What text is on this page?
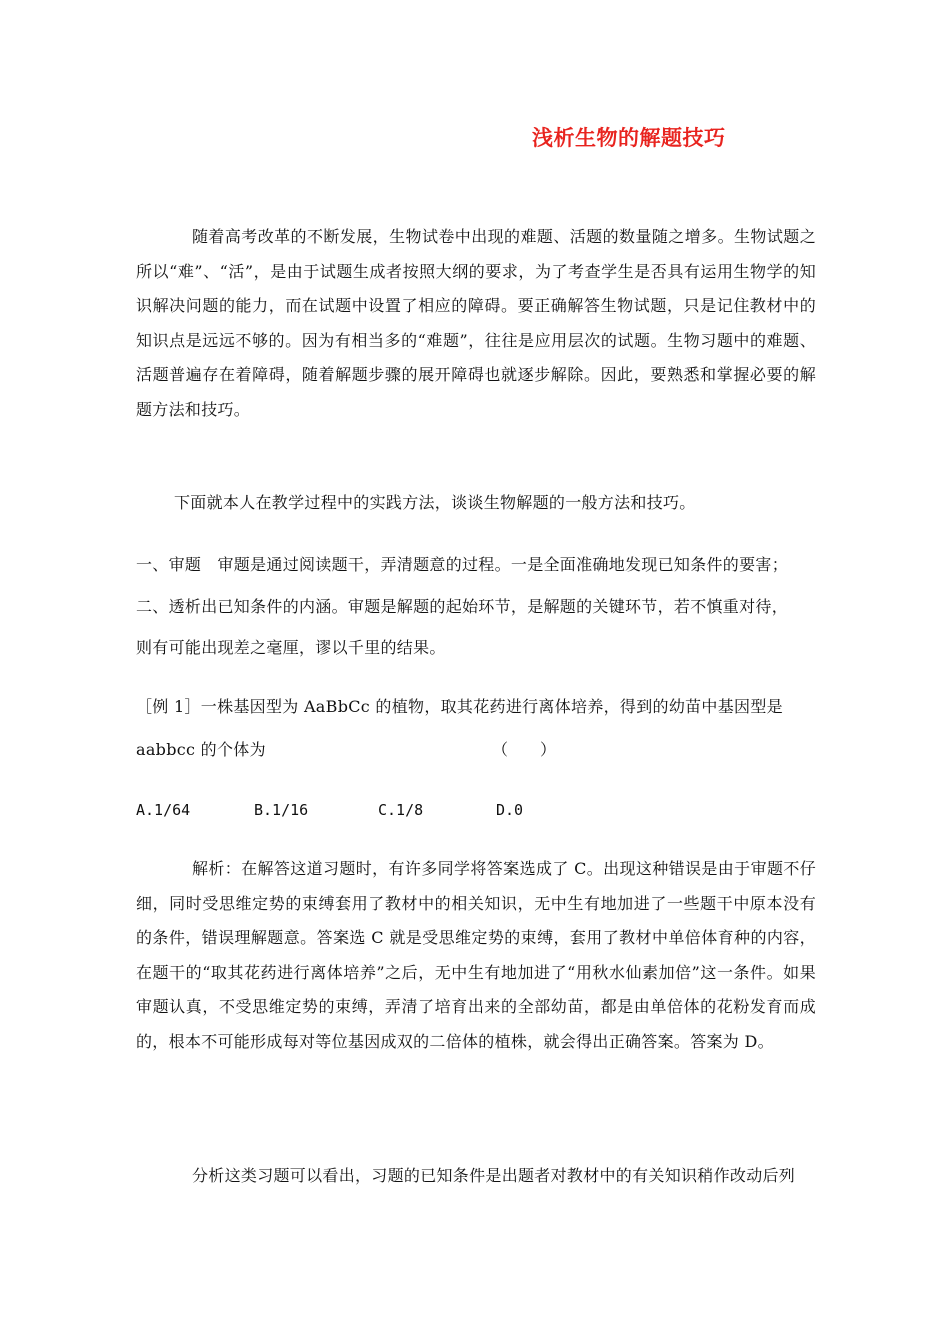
浅析生物的解题技巧

随着高考改革的不断发展，生物试卷中出现的难题、活题的数量随之增多。生物试题之所以“难”、“活”，是由于试题生成者按照大纲的要求，为了考查学生是否具有运用生物学的知识解决问题的能力，而在试题中设置了相应的障碍。要正确解答生物试题，只是记住教材中的知识点是远远不够的。因为有相当多的“难题”，往往是应用层次的试题。生物习题中的难题、活题普遍存在着障碍，随着解题步骤的展开障碍也就逐步解除。因此，要熟悉和掌握必要的解题方法和技巧。

下面就本人在教学过程中的实践方法，谈谈生物解题的一般方法和技巧。

一、审题　审题是通过阅读题干，弄清题意的过程。一是全面准确地发现已知条件的要害；
二、透析出已知条件的内涵。审题是解题的起始环节，是解题的关键环节，若不慎重对待，
则有可能出现差之毫厘，谬以千里的结果。
［例 1］一株基因型为 AaBbCc 的植物，取其花药进行离体培养，得到的幼苗中基因型是
aabbcc 的个体为	（　　）
A.1/64	B.1/16	C.1/8	D.0

解析：在解答这道习题时，有许多同学将答案选成了 C。出现这种错误是由于审题不仔细，同时受思维定势的束缚套用了教材中的相关知识，无中生有地加进了一些题干中原本没有的条件，错误理解题意。答案选 C 就是受思维定势的束缚，套用了教材中单倍体育种的内容，在题干的“取其花药进行离体培养”之后，无中生有地加进了“用秋水仙素加倍”这一条件。如果审题认真，不受思维定势的束缚，弄清了培育出来的全部幼苗，都是由单倍体的花粉发育而成的，根本不可能形成每对等位基因成双的二倍体的植株，就会得出正确答案。答案为 D。

分析这类习题可以看出，习题的已知条件是出题者对教材中的有关知识稍作改动后列
